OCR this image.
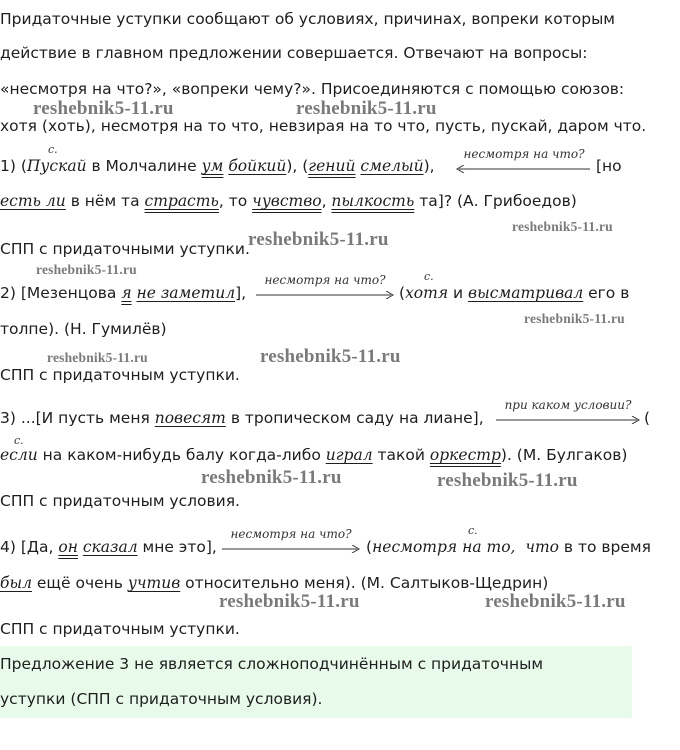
Придаточные уступки сообщают об условиях, причинах, вопреки которым
действие в главном предложении совершается. Отвечают на вопросы:
«несмотря на что?», «вопреки чему?». Присоединяются с помощью союзов:
хотя (хоть), несмотря на то что, невзирая на то что, пусть, пускай, даром что.
с.
1) (Пускай в Молчалине ум бойкий), (гений смелый),
несмотря на что?
[но
есть ли в нём та страсть, то чувство, пылкость та]? (А. Грибоедов)
СПП с придаточными уступки.
2) [Мезенцова я не заметил],
несмотря на что?	с.
(хотя и высматривал его в
толпе). (Н. Гумилёв)
СПП с придаточным уступки.
3) ...[И пусть меня повесят в тропическом саду на лиане],
при каком условии?
(
с.
если на каком-нибудь балу когда-либо играл такой оркестр). (М. Булгаков)
СПП с придаточным условия.
4) [Да, он сказал мне это],
несмотря на что?	с.
(несмотря на то, что в то время
был ещё очень учтив относительно меня). (М. Салтыков-Щедрин)
СПП с придаточным уступки.
Предложение 3 не является сложноподчинённым с придаточным
уступки (СПП с придаточным условия).
reshebnik5-11.ru	reshebnik5-11.ru
reshebnik5-11.ru
reshebnik5-11.ru
reshebnik5-11.ru
reshebnik5-11.ru
reshebnik5-11.ru	reshebnik5-11.ru
reshebnik5-11.ru	reshebnik5-11.ru
reshebnik5-11.ru	reshebnik5-11.ru
